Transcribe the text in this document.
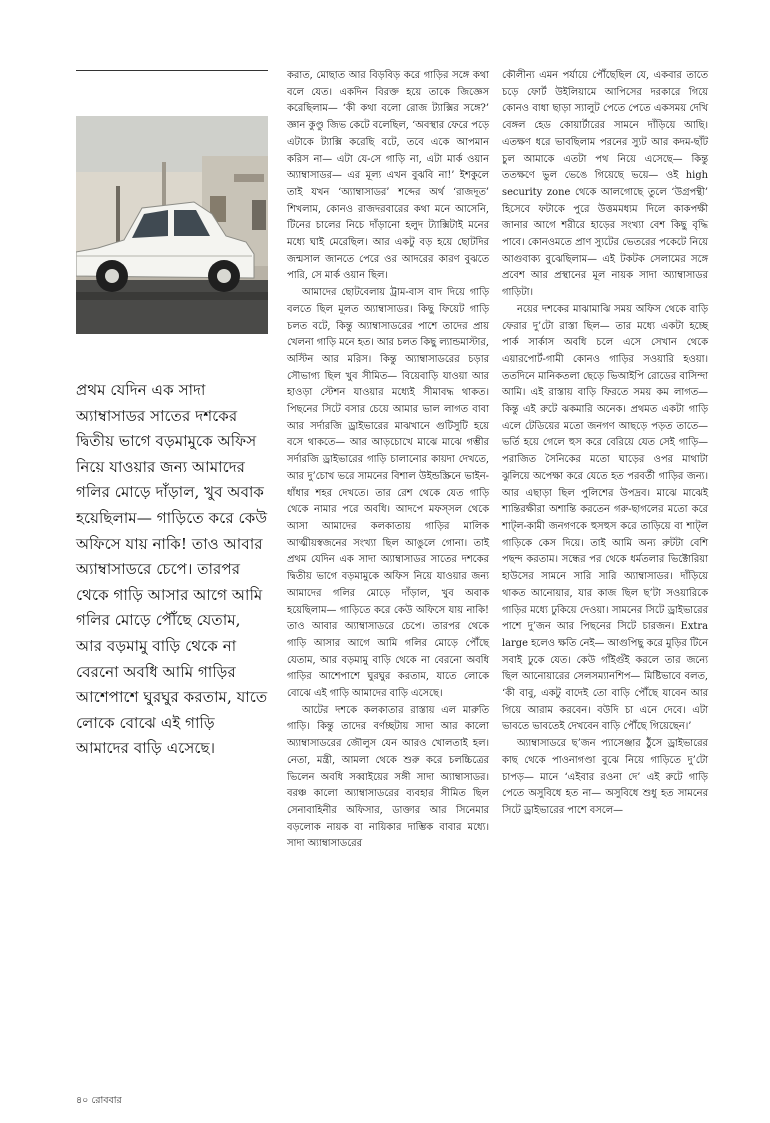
প্রথম যেদিন এক সাদা অ্যাম্বাসাডর সাতের দশকের দ্বিতীয় ভাগে বড়মামুকে অফিস নিয়ে যাওয়ার জন্য আমাদের গলির মোড়ে দাঁড়াল, খুব অবাক হয়েছিলাম— গাড়িতে করে কেউ অফিসে যায় নাকি! তাও আবার অ্যাম্বাসাডরে চেপে। তারপর থেকে গাড়ি আসার আগে আমি গলির মোড়ে পৌঁছে যেতাম, আর বড়মামু বাড়ি থেকে না বেরনো অবধি আমি গাড়ির আশেপাশে ঘুরঘুর করতাম, যাতে লোকে বোঝে এই গাড়ি আমাদের বাড়ি এসেছে।

করাত, মোছাত আর বিড়বিড় করে গাড়ির সঙ্গে কথা বলে যেত। একদিন বিরক্ত হয়ে তাকে জিজ্ঞেস করেছিলাম— ‘কী কথা বলো রোজ ট্যাক্সির সঙ্গে?’ জ্ঞান কুণ্ডু জিভ কেটে বলেছিল, ‘অবস্থার ফেরে পড়ে এটাকে ট্যাক্সি করেছি বটে, তবে একে আপমান করিস না— এটা যে-সে গাড়ি না, এটা মার্ক ওয়ান অ্যাম্বাসাডর— এর মূল্য এখন বুঝবি না!’ ইশকুলে তাই যখন ‘অ্যাম্বাসাডর’ শব্দের অর্থ ‘রাজদূত’ শিখলাম, কোনও রাজদরবারের কথা মনে আসেনি, টিনের চালের নিচে দাঁড়ানো হলুদ ট্যাক্সিটাই মনের মধ্যে ঘাই মেরেছিল। আর একটু বড় হয়ে ছোটদির জন্মসাল জানতে পেরে ওর আদরের কারণ বুঝতে পারি, সে মার্ক ওয়ান ছিল।

আমাদের ছোটবেলায় ট্রাম-বাস বাদ দিয়ে গাড়ি বলতে ছিল মূলত অ্যাম্বাসাডর। কিছু ফিয়েট গাড়ি চলত বটে, কিন্তু অ্যাম্বাসাডরের পাশে তাদের প্রায় খেলনা গাড়ি মনে হত। আর চলত কিছু ল্যান্ডমাস্টার, অস্টিন আর মরিস। কিন্তু অ্যাম্বাসাডরের চড়ার সৌভাগ্য ছিল খুব সীমিত— বিয়েবাড়ি যাওয়া আর হাওড়া স্টেশন যাওয়ার মধ্যেই সীমাবদ্ধ থাকত। পিছনের সিটে বসার চেয়ে আমার ভাল লাগত বাবা আর সর্দারজি ড্রাইভারের মাঝখানে গুটিসুটি হয়ে বসে থাকতে— আর আড়চোখে মাঝে মাঝে গম্ভীর সর্দারজি ড্রাইভারের গাড়ি চালানোর কায়দা দেখতে, আর দু’চোখ ভরে সামনের বিশাল উইন্ডস্ক্রিনে ভাইন-ধাঁধার শহর দেখতে। তার রেশ থেকে যেত গাড়ি থেকে নামার পরে অবধি। আদপে মফস্সল থেকে আসা আমাদের কলকাতায় গাড়ির মালিক আত্মীয়স্বজনের সংখ্যা ছিল আঙুলে গোনা। তাই প্রথম যেদিন এক সাদা অ্যাম্বাসাডর সাতের দশকের দ্বিতীয় ভাগে বড়মামুকে অফিস নিয়ে যাওয়ার জন্য আমাদের গলির মোড়ে দাঁড়াল, খুব অবাক হয়েছিলাম— গাড়িতে করে কেউ অফিসে যায় নাকি! তাও আবার অ্যাম্বাসাডরে চেপে। তারপর থেকে গাড়ি আসার আগে আমি গলির মোড়ে পৌঁছে যেতাম, আর বড়মামু বাড়ি থেকে না বেরনো অবধি গাড়ির আশেপাশে ঘুরঘুর করতাম, যাতে লোকে বোঝে এই গাড়ি আমাদের বাড়ি এসেছে।

আটের দশকে কলকাতার রাস্তায় এল মারুতি গাড়ি। কিন্তু তাদের বর্ণচ্ছটায় সাদা আর কালো অ্যাম্বাসাডরের জৌলুস যেন আরও খোলতাই হল। নেতা, মন্ত্রী, আমলা থেকে শুরু করে চলচ্চিত্রের ভিলেন অবধি সব্বাইয়ের সঙ্গী সাদা অ্যাম্বাসাডর। বরঞ্চ কালো অ্যাম্বাসাডরের ব্যবহার সীমিত ছিল সেনাবাহিনীর অফিসার, ডাক্তার আর সিনেমার বড়লোক নায়ক বা নায়িকার দাম্ভিক বাবার মধ্যে। সাদা অ্যাম্বাসাডরের

কৌলীন্য এমন পর্যায়ে পৌঁছেছিল যে, একবার তাতে চড়ে ফোর্ট উইলিয়ামে আপিসের দরকারে গিয়ে কোনও বাধা ছাড়া স্যালুট পেতে পেতে একসময় দেখি বেঙ্গল হেড কোয়ার্টারের সামনে দাঁড়িয়ে আছি। এতক্ষণ ধরে ভাবছিলাম পরনের স্যুট আর কদম-ছাঁট চুল আমাকে এতটা পথ নিয়ে এসেছে— কিন্তু ততক্ষণে ভুল ভেঙে গিয়েছে ভয়ে— ওই high security zone থেকে আলগোছে তুলে ‘উগ্রপন্থী’ হিসেবে ফটাকে পুরে উত্তমমধ্যম দিলে কাকপক্ষী জানার আগে শরীরে হাড়ের সংখ্যা বেশ কিছু বৃদ্ধি পাবে। কোনওমতে প্রাণ স্যুটের ভেতরের পকেটে নিয়ে আগুবাক্য বুঝেছিলাম— এই টকটক সেলামের সঙ্গে প্রবেশ আর প্রস্থানের মূল নায়ক সাদা অ্যাম্বাসাডর গাড়িটা।

নয়ের দশকের মাঝামাঝি সময় অফিস থেকে বাড়ি ফেরার দু’টো রাস্তা ছিল— তার মধ্যে একটা হচ্ছে পার্ক সার্কাস অবধি চলে এসে সেখান থেকে এয়ারপোর্ট-গামী কোনও গাড়ির সওয়ারি হওয়া। ততদিনে মানিকতলা ছেড়ে ভিআইপি রোডের বাসিন্দা আমি। এই রাস্তায় বাড়ি ফিরতে সময় কম লাগত— কিন্তু এই রুটে ঝকমারি অনেক। প্রথমত একটা গাড়ি এলে টেডিয়ের মতো জনগণ আছড়ে পড়ত তাতে— ভর্তি হয়ে গেলে হুস করে বেরিয়ে যেত সেই গাড়ি— পরাজিত সৈনিকের মতো ঘাড়ের ওপর মাথাটা ঝুলিয়ে অপেক্ষা করে যেতে হত পরবর্তী গাড়ির জন্য। আর এছাড়া ছিল পুলিশের উপদ্রব। মাঝে মাঝেই শান্তিরক্ষীরা অশান্তি করতেন গরু-ছাগলের মতো করে শাট্‌ল-কামী জনগণকে হুসহুস করে তাড়িয়ে বা শাট্‌ল গাড়িকে কেস দিয়ে। তাই আমি অন্য রুটটা বেশি পছন্দ করতাম। সন্ধের পর থেকে ধর্মতলার ভিক্টোরিয়া হাউসের সামনে সারি সারি অ্যাম্বাসাডর। দাঁড়িয়ে থাকত আনোয়ার, যার কাজ ছিল ছ’টা সওয়ারিকে গাড়ির মধ্যে ঢুকিয়ে দেওয়া। সামনের সিটে ড্রাইভারের পাশে দু’জন আর পিছনের সিটে চারজন। Extra large হলেও ক্ষতি নেই— আগুপিছু করে মুড়ির টিনে সবাই ঢুকে যেত। কেউ গাঁইগুঁই করলে তার জন্যে ছিল আনোয়ারের সেলসম্যানশিপ— মিষ্টিভাবে বলত, ‘কী বাবু, একটু বাদেই তো বাড়ি পৌঁছে যাবেন আর গিয়ে আরাম করবেন। বউদি চা এনে দেবে। এটা ভাবতে ভাবতেই দেখবেন বাড়ি পৌঁছে গিয়েছেন।’

অ্যাম্বাসাডরে ছ’জন প্যাসেঞ্জার ঠুঁসে ড্রাইভারের কাছ থেকে পাওনাগণ্ডা বুঝে নিয়ে গাড়িতে দু’টো চাপড়— মানে ‘এইবার রওনা দে’ এই রুটে গাড়ি পেতে অসুবিধে হত না— অসুবিধে শুধু হত সামনের সিটে ড্রাইভারের পাশে বসলে—

৪০ রোববার
